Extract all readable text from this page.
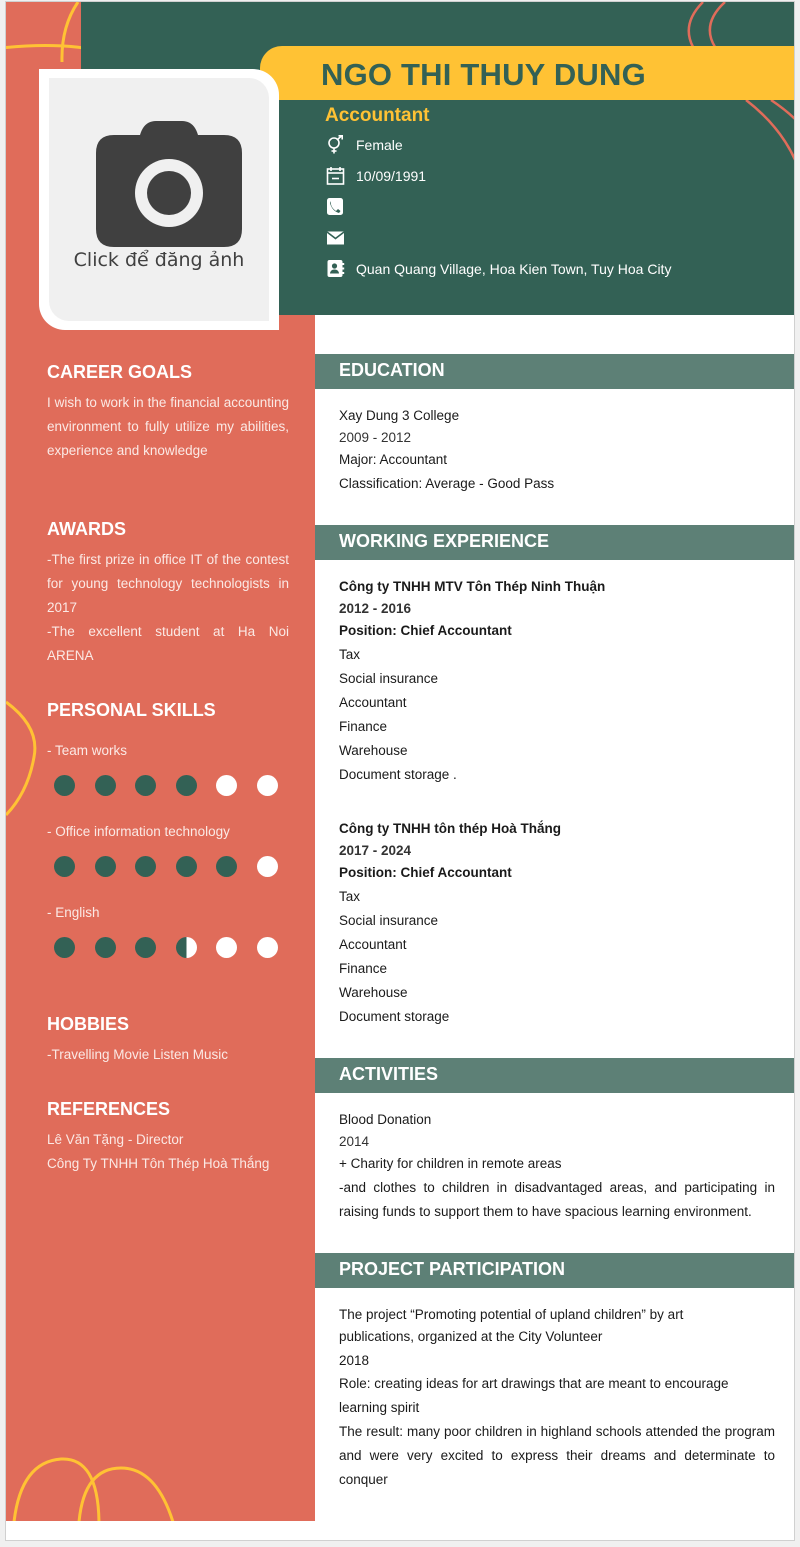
CAREER GOALS
I wish to work in the financial accounting environment to fully utilize my abilities, experience and knowledge
AWARDS
-The first prize in office IT of the contest for young technology technologists in 2017
-The excellent student at Ha Noi ARENA
PERSONAL SKILLS
- Team works
- Office information technology
- English
HOBBIES
-Travelling Movie Listen Music
REFERENCES
Lê Văn Tặng - Director
Công Ty TNHH Tôn Thép Hoà Thắng
NGO THI THUY DUNG
Accountant
Female
10/09/1991
Quan Quang Village, Hoa Kien Town, Tuy Hoa City
Click để đăng ảnh
EDUCATION
Xay Dung 3 College
2009 - 2012
Major: Accountant
Classification: Average - Good Pass
WORKING EXPERIENCE
Công ty TNHH MTV Tôn Thép Ninh Thuận
2012 - 2016
Position: Chief Accountant
Tax
Social insurance
Accountant
Finance
Warehouse
Document storage .
Công ty TNHH tôn thép Hoà Thắng
2017 - 2024
Position: Chief Accountant
Tax
Social insurance
Accountant
Finance
Warehouse
Document storage
ACTIVITIES
Blood Donation
2014
+ Charity for children in remote areas
-and clothes to children in disadvantaged areas, and participating in raising funds to support them to have spacious learning environment.
PROJECT PARTICIPATION
The project “Promoting potential of upland children” by art publications, organized at the City Volunteer
2018
Role: creating ideas for art drawings that are meant to encourage learning spirit
The result: many poor children in highland schools attended the program and were very excited to express their dreams and determinate to conquer
